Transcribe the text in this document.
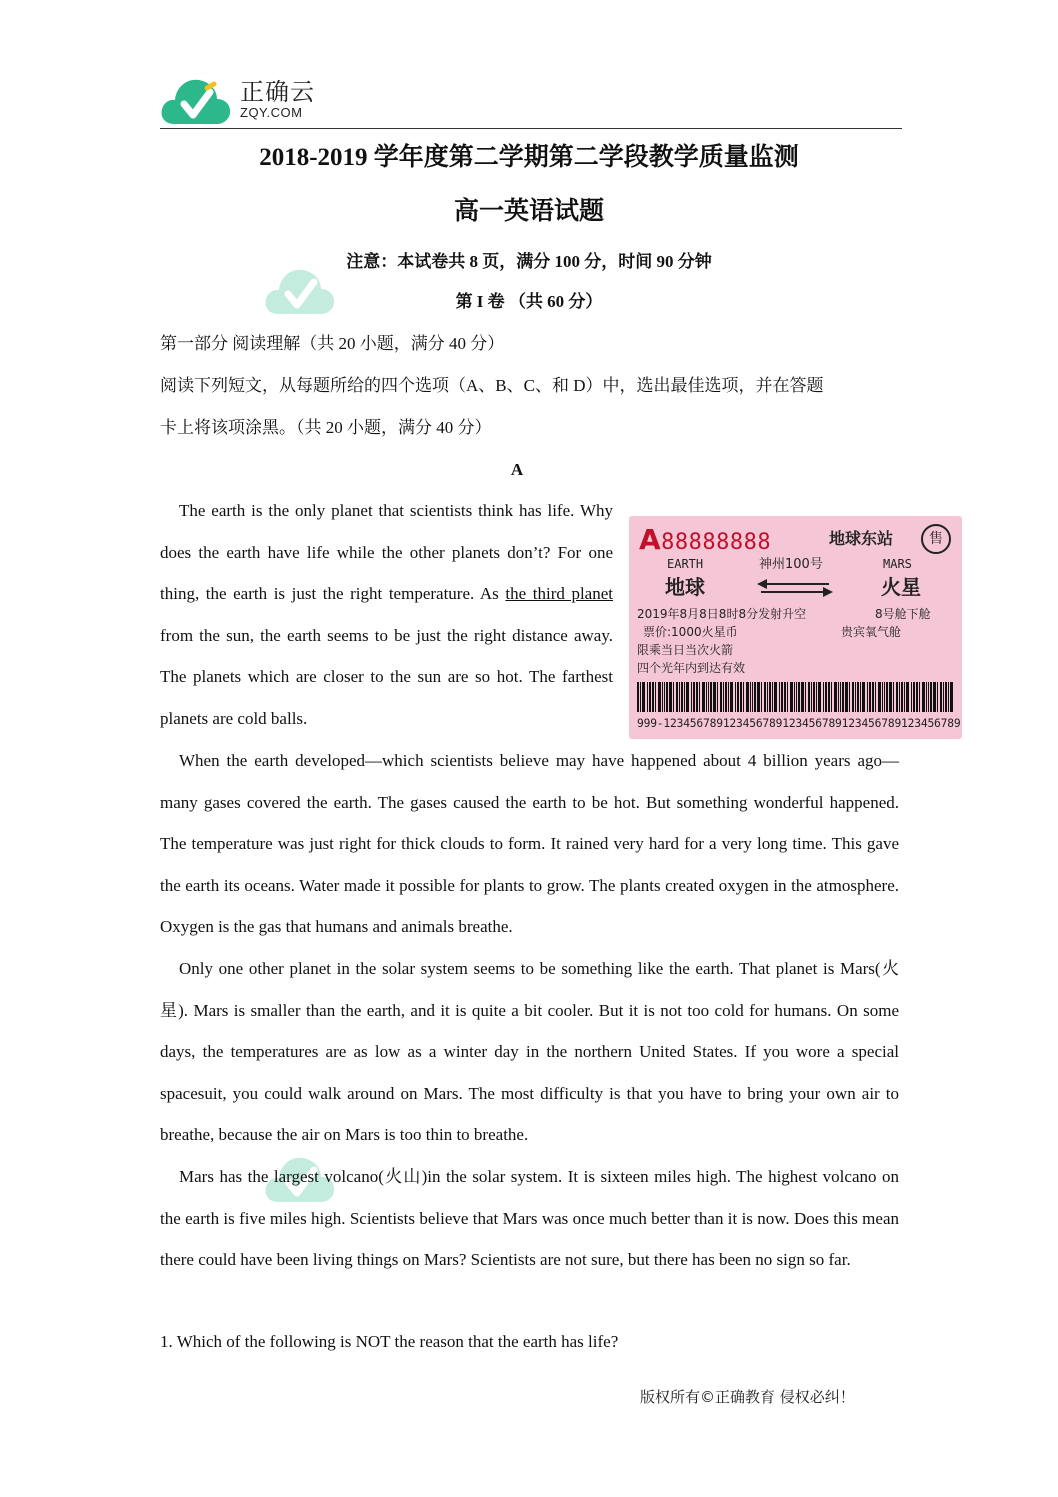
正确云
ZQY.COM
2018-2019 学年度第二学期第二学段教学质量监测
高一英语试题
注意：本试卷共 8 页，满分 100 分，时间 90 分钟
第 I 卷 （共 60 分）
第一部分 阅读理解（共 20 小题，满分 40 分）
阅读下列短文，从每题所给的四个选项（A、B、C、和 D）中，选出最佳选项，并在答题
卡上将该项涂黑。（共 20 小题，满分 40 分）
A
The earth is the only planet that scientists think has life. Why does the earth have life while the other planets don’t? For one thing, the earth is just the right temperature. As the third planet from the sun, the earth seems to be just the right distance away. The planets which are closer to the sun are so hot. The farthest planets are cold balls.
A88888888	地球东站	售
EARTH	神州100号	MARS
地球	火星
2019年8月8日8时8分发射升空	8号舱下舱
票价:1000火星币	贵宾氧气舱
限乘当日当次火箭
四个光年内到达有效
999-123456789123456789123456789123456789123456789
When the earth developed—which scientists believe may have happened about 4 billion years ago—many gases covered the earth. The gases caused the earth to be hot. But something wonderful happened. The temperature was just right for thick clouds to form. It rained very hard for a very long time. This gave the earth its oceans. Water made it possible for plants to grow. The plants created oxygen in the atmosphere. Oxygen is the gas that humans and animals breathe.
Only one other planet in the solar system seems to be something like the earth. That planet is Mars(火星). Mars is smaller than the earth, and it is quite a bit cooler. But it is not too cold for humans. On some days, the temperatures are as low as a winter day in the northern United States. If you wore a special spacesuit, you could walk around on Mars. The most difficulty is that you have to bring your own air to breathe, because the air on Mars is too thin to breathe.
Mars has the largest volcano(火山)in the solar system. It is sixteen miles high. The highest volcano on the earth is five miles high. Scientists believe that Mars was once much better than it is now. Does this mean there could have been living things on Mars? Scientists are not sure, but there has been no sign so far.
1. Which of the following is NOT the reason that the earth has life?
版权所有©正确教育 侵权必纠！
